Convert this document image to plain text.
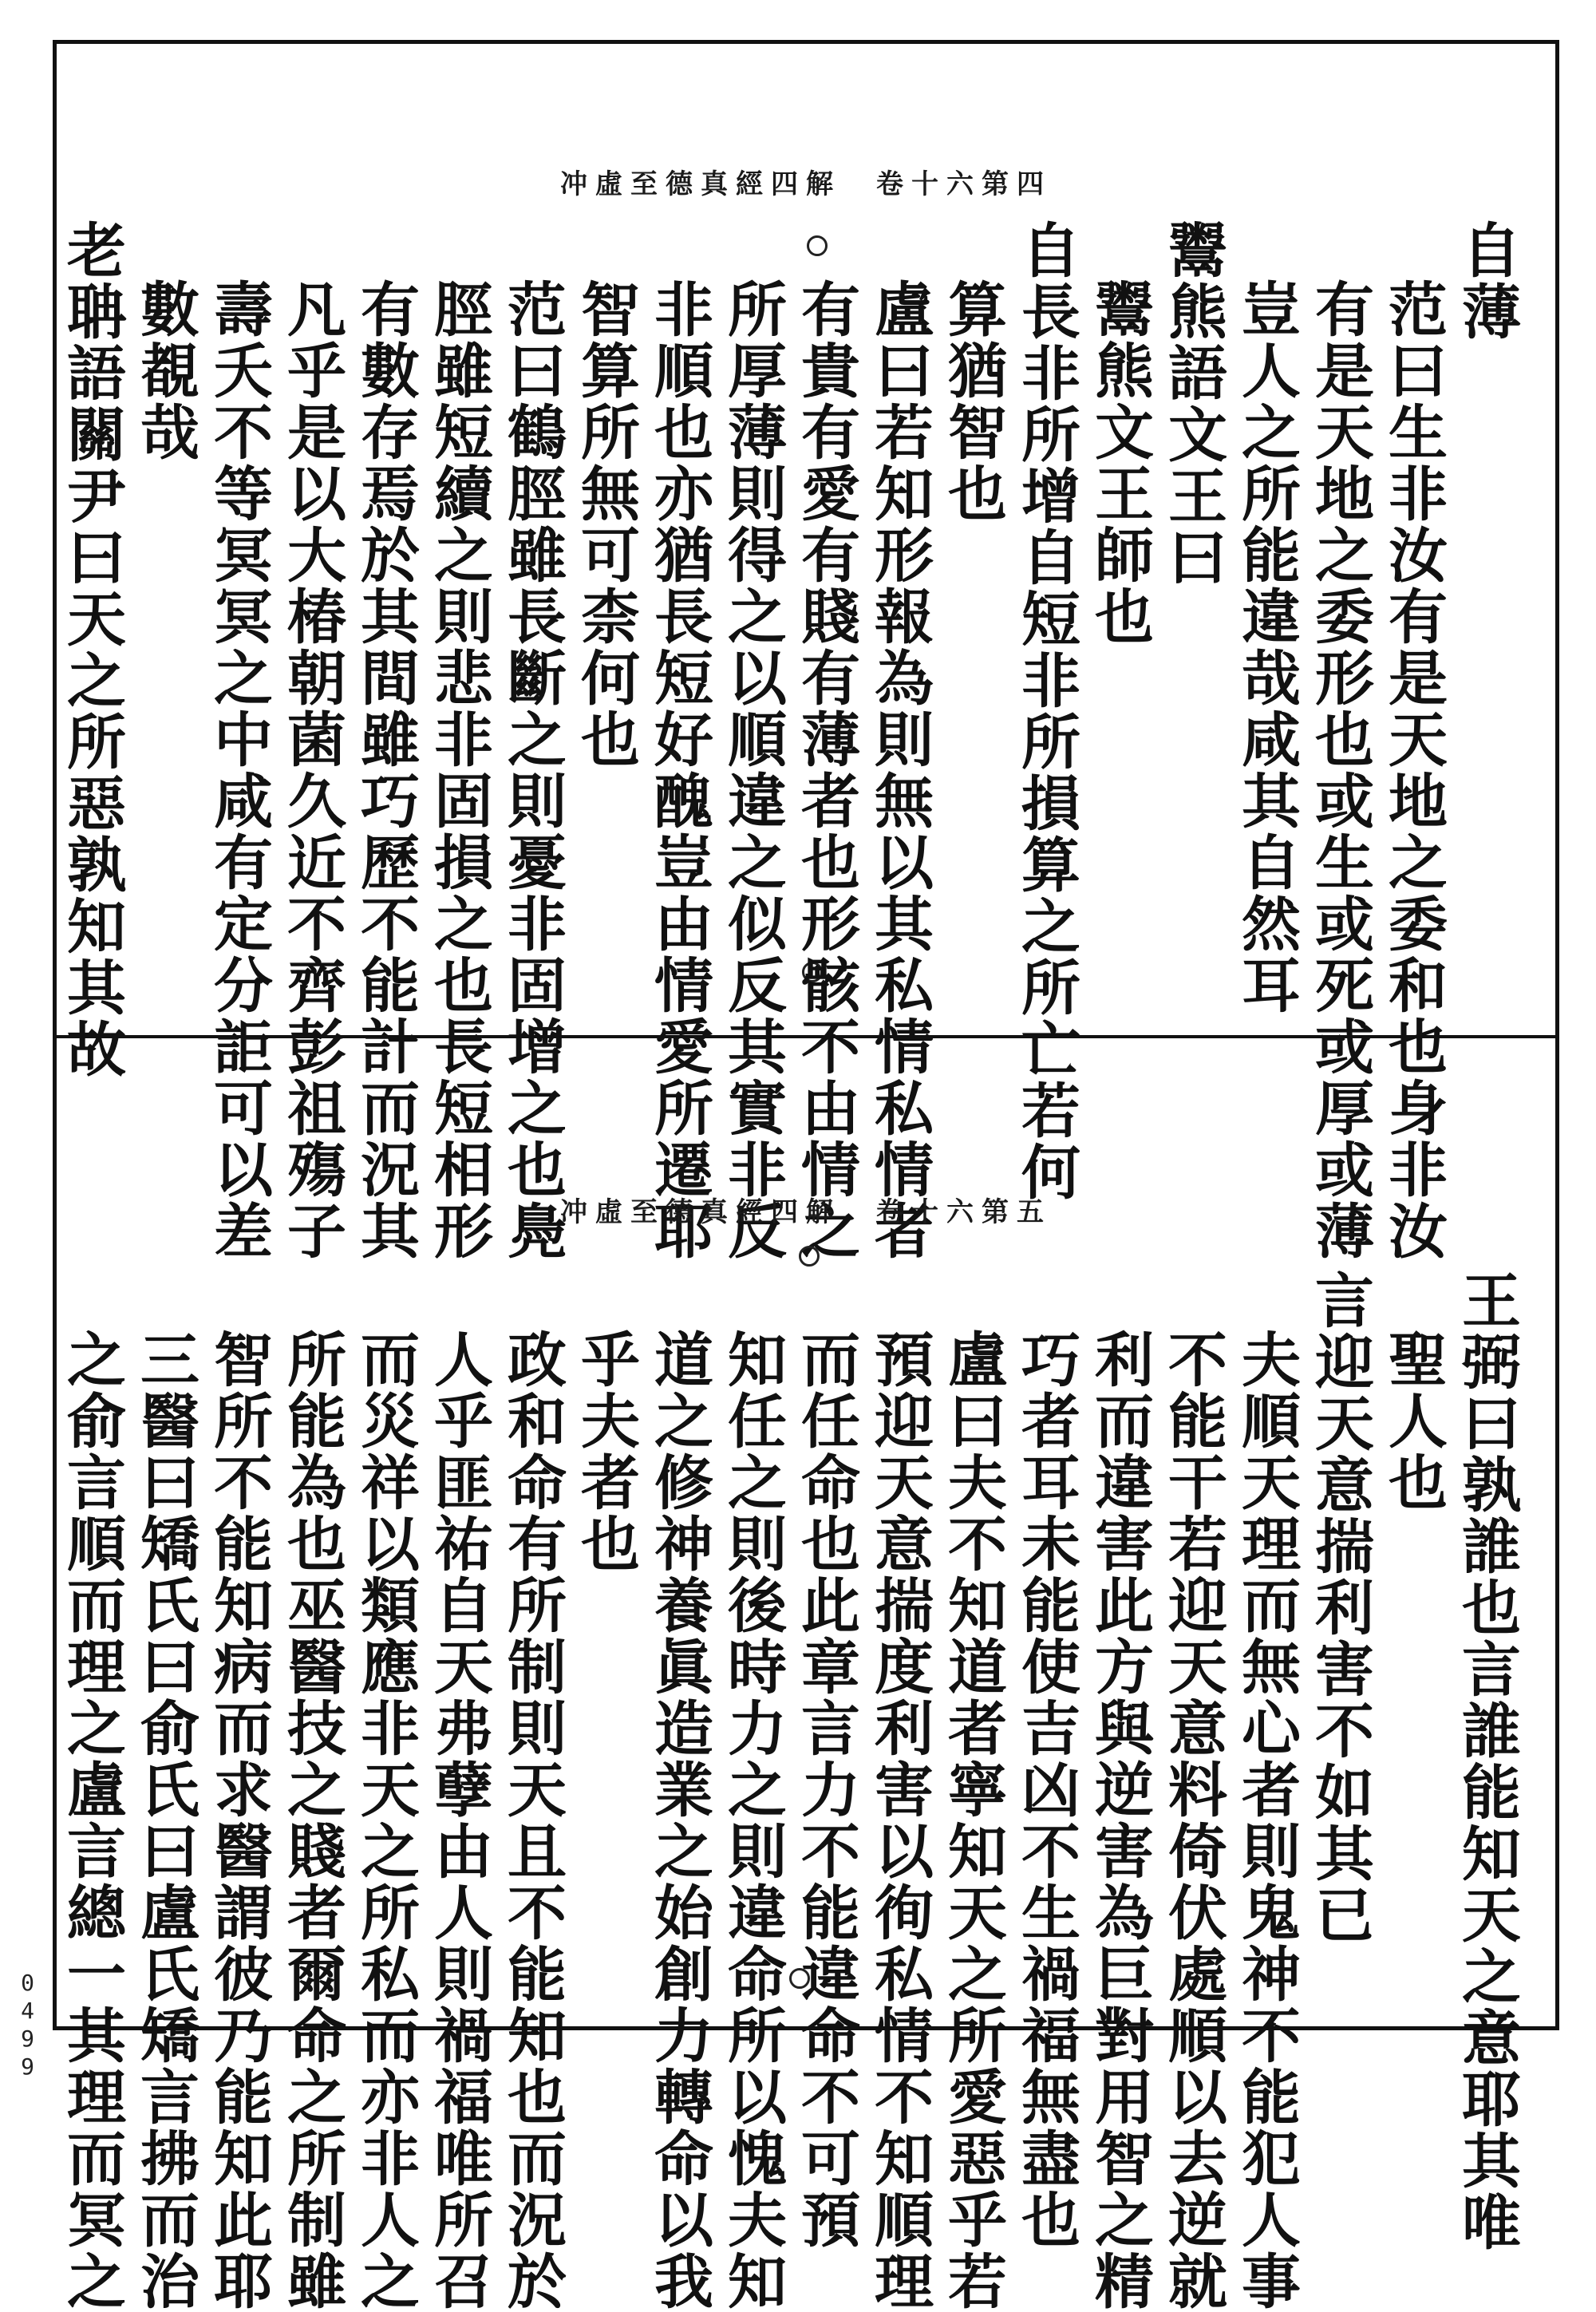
冲虛至德真經四解　卷十六第四
自薄
范曰生非汝有是天地之委和也身非汝
有是天地之委形也或生或死或厚或薄
豈人之所能違哉咸其自然耳
鬻熊語文王曰
鬻熊文王師也
自長非所增自短非所損算之所亡若何
算猶智也
盧曰若知形報為則無以其私情私情者
有貴有愛有賤有薄者也形骸不由情之
所厚薄則得之以順違之似反其實非反
非順也亦猶長短好醜豈由情愛所遷耶
智算所無可柰何也
范曰鶴脛雖長斷之則憂非固增之也鳧
脛雖短續之則悲非固損之也長短相形
有數存焉於其間雖巧歷不能計而況其
凡乎是以大椿朝菌久近不齊彭祖殤子
壽夭不等冥冥之中咸有定分詎可以差
數覩哉
老聃語關尹曰天之所惡孰知其故
冲虛至德真經四解　卷十六第五
王弼曰孰誰也言誰能知天之意耶其唯
聖人也
言迎天意揣利害不如其已
夫順天理而無心者則鬼神不能犯人事
不能干若迎天意料倚伏處順以去逆就
利而違害此方與逆害為巨對用智之精
巧者耳未能使吉凶不生禍福無盡也
盧曰夫不知道者寧知天之所愛惡乎若
預迎天意揣度利害以徇私情不知順理
而任命也此章言力不能違命不可預
知任之則後時力之則違命所以愧夫知
道之修神養眞造業之始創力轉命以我
乎夫者也
政和命有所制則天且不能知也而況於
人乎匪祐自天弗孽由人則禍福唯所召
而災祥以類應非天之所私而亦非人之
所能為也巫醫技之賤者爾命之所制雖
智所不能知病而求醫謂彼乃能知此耶
三醫曰矯氏曰俞氏曰盧氏矯言拂而治
之俞言順而理之盧言總一其理而冥之
0499
